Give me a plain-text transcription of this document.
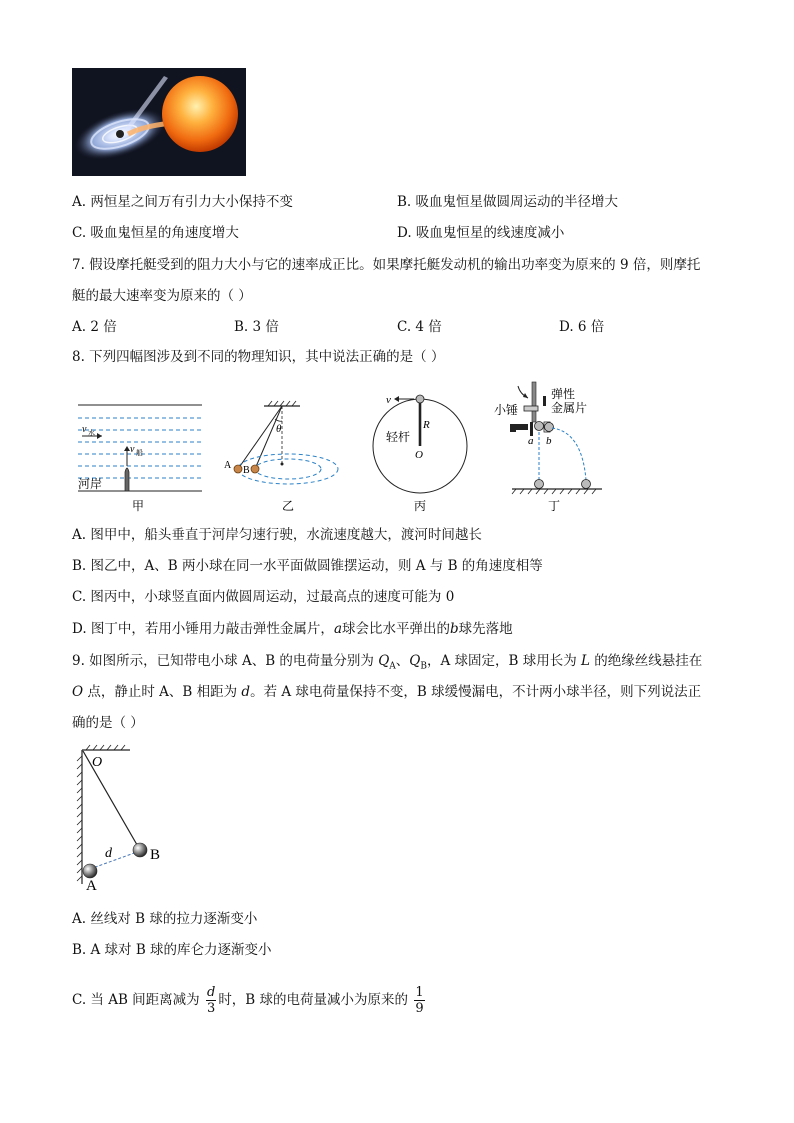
A. 两恒星之间万有引力大小保持不变	B. 吸血鬼恒星做圆周运动的半径增大
C. 吸血鬼恒星的角速度增大	D. 吸血鬼恒星的线速度减小
7. 假设摩托艇受到的阻力大小与它的速率成正比。如果摩托艇发动机的输出功率变为原来的 9 倍，则摩托
艇的最大速率变为原来的（ ）
A. 2 倍	B. 3 倍	C. 4 倍	D. 6 倍
8. 下列四幅图涉及到不同的物理知识，其中说法正确的是（ ）
v 水
v 船
河岸
甲
θ
A B
乙
v
R
O
轻杆
丙
弹性
金属片
小锤
a b
丁
A. 图甲中，船头垂直于河岸匀速行驶，水流速度越大，渡河时间越长
B. 图乙中，A、B 两小球在同一水平面做圆锥摆运动，则 A 与 B 的角速度相等
C. 图丙中，小球竖直面内做圆周运动，过最高点的速度可能为 0
D. 图丁中，若用小锤用力敲击弹性金属片，a球会比水平弹出的b球先落地
9. 如图所示，已知带电小球 A、B 的电荷量分别为 $Q_A$、$Q_B$，A 球固定，B 球用长为 L 的绝缘丝线悬挂在
O 点，静止时 A、B 相距为 d。若 A 球电荷量保持不变，B 球缓慢漏电，不计两小球半径，则下列说法正
确的是（ ）
O
d	B
A
A. 丝线对 B 球的拉力逐渐变小
B. A 球对 B 球的库仑力逐渐变小
C. 当 AB 间距离减为 $\frac{d}{3}$ 时，B 球的电荷量减小为原来的 $\frac{1}{9}$
